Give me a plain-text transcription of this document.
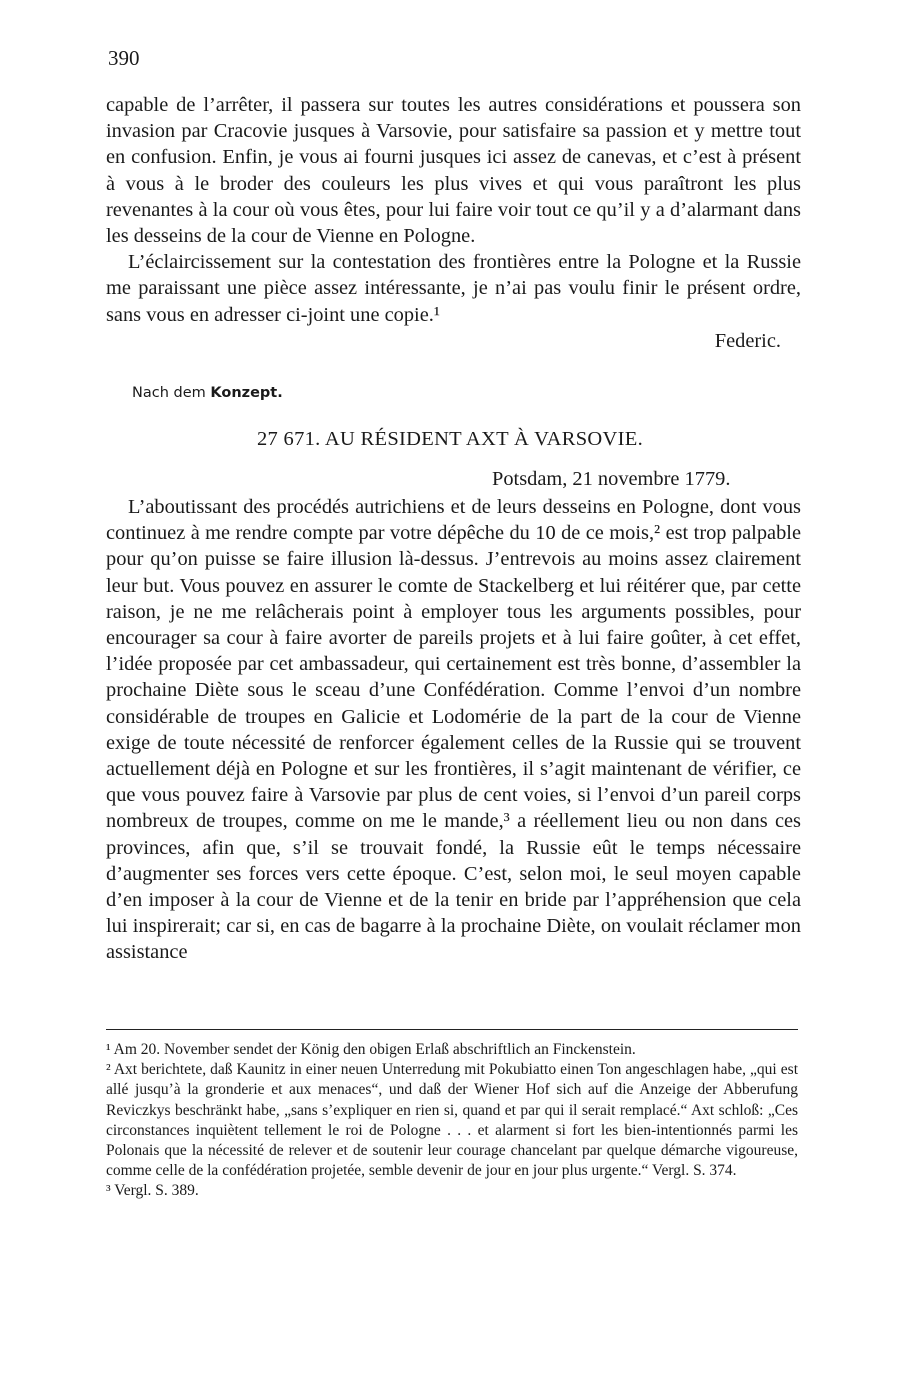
390

capable de l’arrêter, il passera sur toutes les autres considérations et poussera son invasion par Cracovie jusques à Varsovie, pour satisfaire sa passion et y mettre tout en confusion. Enfin, je vous ai fourni jusques ici assez de canevas, et c’est à présent à vous à le broder des couleurs les plus vives et qui vous paraîtront les plus revenantes à la cour où vous êtes, pour lui faire voir tout ce qu’il y a d’alarmant dans les desseins de la cour de Vienne en Pologne.

L’éclaircissement sur la contestation des frontières entre la Pologne et la Russie me paraissant une pièce assez intéressante, je n’ai pas voulu finir le présent ordre, sans vous en adresser ci-joint une copie.¹

Federic.

Nach dem Konzept.
27 671. AU RÉSIDENT AXT À VARSOVIE.
Potsdam, 21 novembre 1779.

L’aboutissant des procédés autrichiens et de leurs desseins en Pologne, dont vous continuez à me rendre compte par votre dépêche du 10 de ce mois,² est trop palpable pour qu’on puisse se faire illusion là-dessus. J’entrevois au moins assez clairement leur but. Vous pouvez en assurer le comte de Stackelberg et lui réitérer que, par cette raison, je ne me relâcherais point à employer tous les arguments possibles, pour encourager sa cour à faire avorter de pareils projets et à lui faire goûter, à cet effet, l’idée proposée par cet ambassadeur, qui certainement est très bonne, d’assembler la prochaine Diète sous le sceau d’une Confédération. Comme l’envoi d’un nombre considérable de troupes en Galicie et Lodomérie de la part de la cour de Vienne exige de toute nécessité de renforcer également celles de la Russie qui se trouvent actuellement déjà en Pologne et sur les frontières, il s’agit maintenant de vérifier, ce que vous pouvez faire à Varsovie par plus de cent voies, si l’envoi d’un pareil corps nombreux de troupes, comme on me le mande,³ a réellement lieu ou non dans ces provinces, afin que, s’il se trouvait fondé, la Russie eût le temps nécessaire d’augmenter ses forces vers cette époque. C’est, selon moi, le seul moyen capable d’en imposer à la cour de Vienne et de la tenir en bride par l’appréhension que cela lui inspirerait; car si, en cas de bagarre à la prochaine Diète, on voulait réclamer mon assistance

¹ Am 20. November sendet der König den obigen Erlaß abschriftlich an Finckenstein.

² Axt berichtete, daß Kaunitz in einer neuen Unterredung mit Pokubiatto einen Ton angeschlagen habe, „qui est allé jusqu’à la gronderie et aux menaces“, und daß der Wiener Hof sich auf die Anzeige der Abberufung Reviczkys beschränkt habe, „sans s’expliquer en rien si, quand et par qui il serait remplacé.“ Axt schloß: „Ces circonstances inquiètent tellement le roi de Pologne . . . et alarment si fort les bien-intentionnés parmi les Polonais que la nécessité de relever et de soutenir leur courage chancelant par quelque démarche vigoureuse, comme celle de la confédération projetée, semble devenir de jour en jour plus urgente.“ Vergl. S. 374.

³ Vergl. S. 389.
